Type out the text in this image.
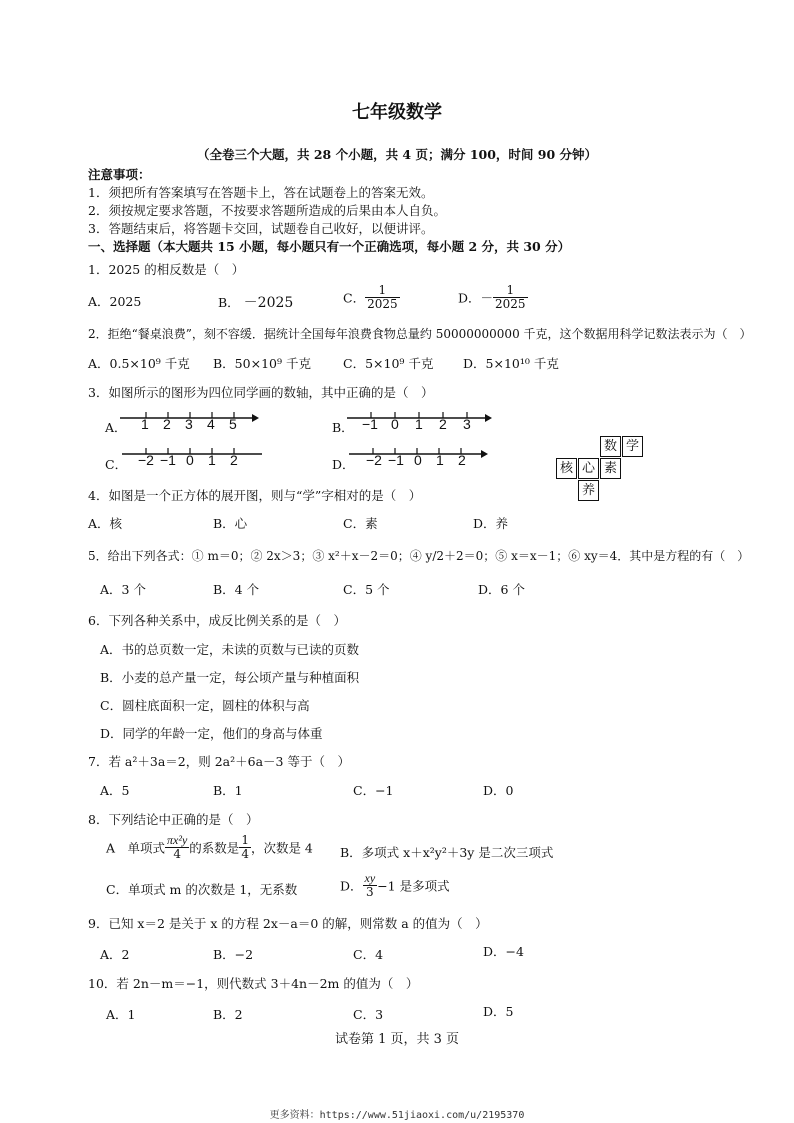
七年级数学
（全卷三个大题，共 28 个小题，共 4 页；满分 100，时间 90 分钟）
注意事项：
1．须把所有答案填写在答题卡上，答在试题卷上的答案无效。
2．须按规定要求答题，不按要求答题所造成的后果由本人自负。
3．答题结束后，将答题卡交回，试题卷自己收好，以便讲评。
一、选择题（本大题共 15 小题，每小题只有一个正确选项，每小题 2 分，共 30 分）
1．2025 的相反数是（　）
A．2025	B． －2025	C． $\frac{1}{2025}$	D．－ $\frac{1}{2025}$
2．拒绝“餐桌浪费”，刻不容缓．据统计全国每年浪费食物总量约 50000000000 千克，这个数据用科学记数法表示为（　）
A．0.5×10⁹ 千克 B．50×10⁹ 千克	C．5×10⁹ 千克 D．5×10¹⁰ 千克
3．如图所示的图形为四位同学画的数轴，其中正确的是（　）
A． 1 2 3 4 5	B． −1 0 1 2 3
C． −2 −1 0 1 2	D． −2 −1 0 1 2
数 学
核 心 素
养
4．如图是一个正方体的展开图，则与“学”字相对的是（　）
A．核	B．心	C．素	D．养
5．给出下列各式：① m＝0；② 2x＞3；③ x²＋x－2＝0；④ y/2＋2＝0；⑤ x＝x－1；⑥ xy＝4．其中是方程的有（　）
A．3 个	B．4 个	C．5 个	D．6 个
6．下列各种关系中，成反比例关系的是（　）
A．书的总页数一定，未读的页数与已读的页数
B．小麦的总产量一定，每公顷产量与种植面积
C．圆柱底面积一定，圆柱的体积与高
D．同学的年龄一定，他们的身高与体重
7．若 a²＋3a＝2，则 2a²＋6a－3 等于（　）
A．5	B．1	C．−1	D．0
8．下列结论中正确的是（　）
A　单项式 $\frac{\text{πx²y}}{4}$ 的系数是 $\frac{1}{4}$ ，次数是 4 B．多项式 x＋x²y²＋3y 是二次三项式
C．单项式 m 的次数是 1，无系数	D． $\frac{xy}{3} -1$ 是多项式
9．已知 x＝2 是关于 x 的方程 2x－a＝0 的解，则常数 a 的值为（　）
A．2	B．−2	C．4	D．−4
10．若 2n－m＝−1，则代数式 3＋4n－2m 的值为（　）
A．1	B．2	C．3	D．5
试卷第 1 页，共 3 页
更多资料：https://www.51jiaoxi.com/u/2195370
